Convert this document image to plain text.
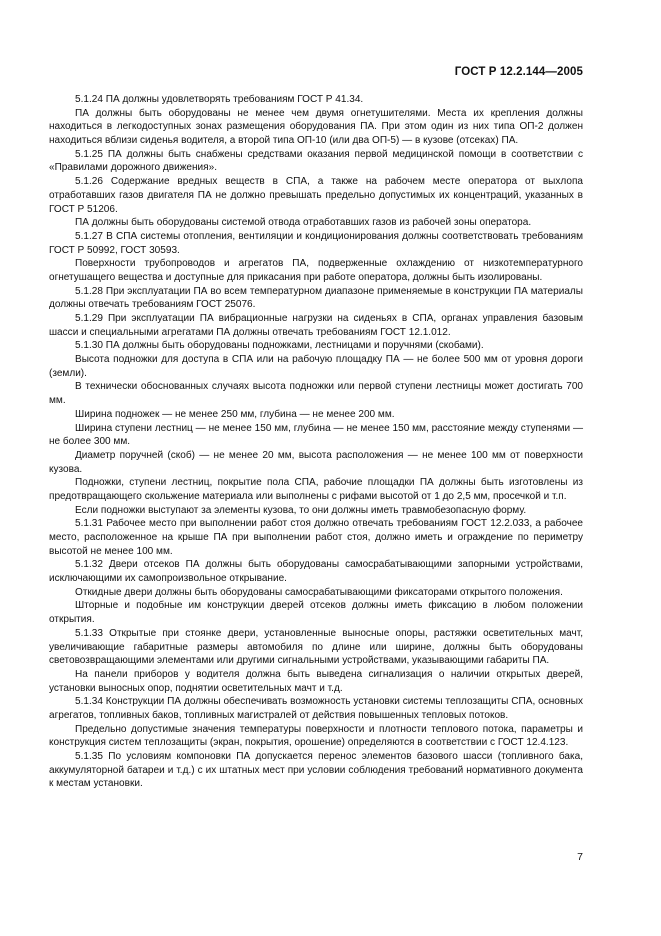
ГОСТ Р 12.2.144—2005

5.1.24 ПА должны удовлетворять требованиям ГОСТ Р 41.34.

ПА должны быть оборудованы не менее чем двумя огнетушителями. Места их крепления должны находиться в легкодоступных зонах размещения оборудования ПА. При этом один из них типа ОП-2 должен находиться вблизи сиденья водителя, а второй типа ОП-10 (или два ОП-5) — в кузове (отсеках) ПА.

5.1.25 ПА должны быть снабжены средствами оказания первой медицинской помощи в соответствии с «Правилами дорожного движения».

5.1.26 Содержание вредных веществ в СПА, а также на рабочем месте оператора от выхлопа отработавших газов двигателя ПА не должно превышать предельно допустимых их концентраций, указанных в ГОСТ Р 51206.

ПА должны быть оборудованы системой отвода отработавших газов из рабочей зоны оператора.

5.1.27 В СПА системы отопления, вентиляции и кондиционирования должны соответствовать требованиям ГОСТ Р 50992, ГОСТ 30593.

Поверхности трубопроводов и агрегатов ПА, подверженные охлаждению от низкотемпературного огнетушащего вещества и доступные для прикасания при работе оператора, должны быть изолированы.

5.1.28 При эксплуатации ПА во всем температурном диапазоне применяемые в конструкции ПА материалы должны отвечать требованиям ГОСТ 25076.

5.1.29 При эксплуатации ПА вибрационные нагрузки на сиденьях в СПА, органах управления базовым шасси и специальными агрегатами ПА должны отвечать требованиям ГОСТ 12.1.012.

5.1.30 ПА должны быть оборудованы подножками, лестницами и поручнями (скобами).

Высота подножки для доступа в СПА или на рабочую площадку ПА — не более 500 мм от уровня дороги (земли).

В технически обоснованных случаях высота подножки или первой ступени лестницы может достигать 700 мм.

Ширина подножек — не менее 250 мм, глубина — не менее 200 мм.

Ширина ступени лестниц — не менее 150 мм, глубина — не менее 150 мм, расстояние между ступенями — не более 300 мм.

Диаметр поручней (скоб) — не менее 20 мм, высота расположения — не менее 100 мм от поверхности кузова.

Подножки, ступени лестниц, покрытие пола СПА, рабочие площадки ПА должны быть изготовлены из предотвращающего скольжение материала или выполнены с рифами высотой от 1 до 2,5 мм, просечкой и т.п.

Если подножки выступают за элементы кузова, то они должны иметь травмобезопасную форму.

5.1.31 Рабочее место при выполнении работ стоя должно отвечать требованиям ГОСТ 12.2.033, а рабочее место, расположенное на крыше ПА при выполнении работ стоя, должно иметь и ограждение по периметру высотой не менее 100 мм.

5.1.32 Двери отсеков ПА должны быть оборудованы самосрабатывающими запорными устройствами, исключающими их самопроизвольное открывание.

Откидные двери должны быть оборудованы самосрабатывающими фиксаторами открытого положения.

Шторные и подобные им конструкции дверей отсеков должны иметь фиксацию в любом положении открытия.

5.1.33 Открытые при стоянке двери, установленные выносные опоры, растяжки осветительных мачт, увеличивающие габаритные размеры автомобиля по длине или ширине, должны быть оборудованы световозвращающими элементами или другими сигнальными устройствами, указывающими габариты ПА.

На панели приборов у водителя должна быть выведена сигнализация о наличии открытых дверей, установки выносных опор, поднятии осветительных мачт и т.д.

5.1.34 Конструкции ПА должны обеспечивать возможность установки системы теплозащиты СПА, основных агрегатов, топливных баков, топливных магистралей от действия повышенных тепловых потоков.

Предельно допустимые значения температуры поверхности и плотности теплового потока, параметры и конструкция систем теплозащиты (экран, покрытия, орошение) определяются в соответствии с ГОСТ 12.4.123.

5.1.35 По условиям компоновки ПА допускается перенос элементов базового шасси (топливного бака, аккумуляторной батареи и т.д.) с их штатных мест при условии соблюдения требований нормативного документа к местам установки.

7
